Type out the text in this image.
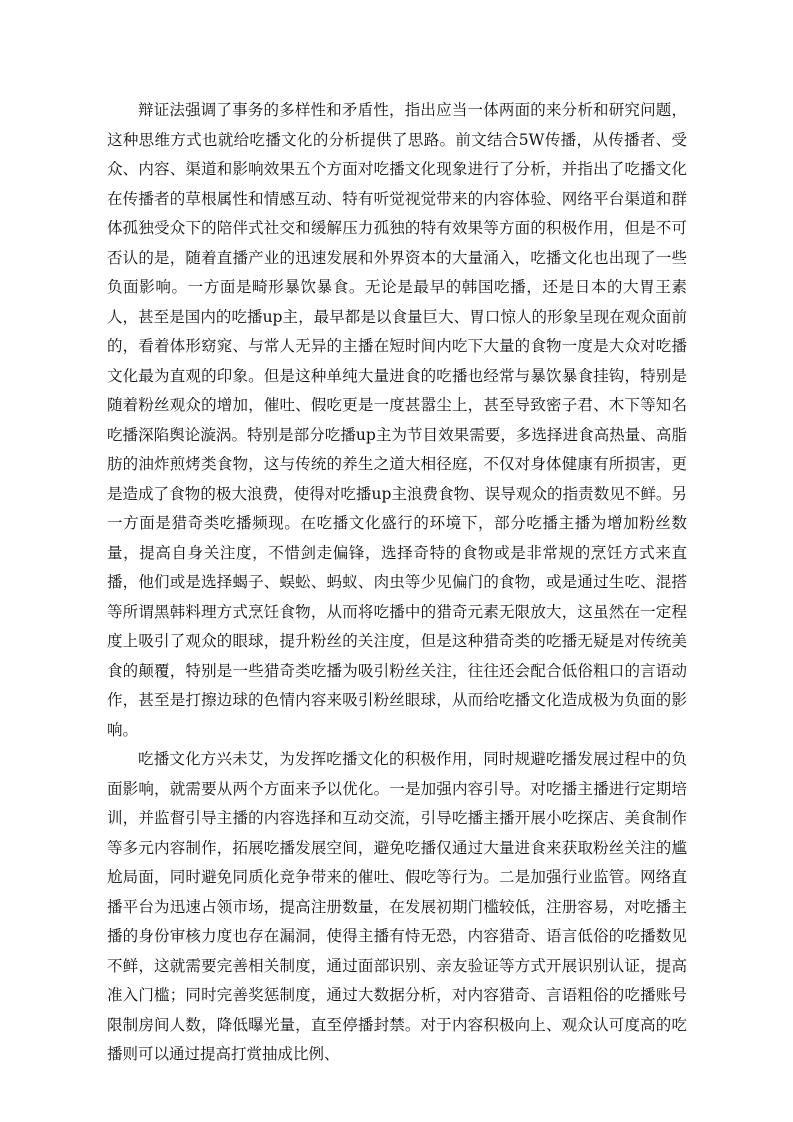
辩证法强调了事务的多样性和矛盾性，指出应当一体两面的来分析和研究问题，这种思维方式也就给吃播文化的分析提供了思路。前文结合5W传播，从传播者、受众、内容、渠道和影响效果五个方面对吃播文化现象进行了分析，并指出了吃播文化在传播者的草根属性和情感互动、特有听觉视觉带来的内容体验、网络平台渠道和群体孤独受众下的陪伴式社交和缓解压力孤独的特有效果等方面的积极作用，但是不可否认的是，随着直播产业的迅速发展和外界资本的大量涌入，吃播文化也出现了一些负面影响。一方面是畸形暴饮暴食。无论是最早的韩国吃播，还是日本的大胃王素人，甚至是国内的吃播up主，最早都是以食量巨大、胃口惊人的形象呈现在观众面前的，看着体形窈窕、与常人无异的主播在短时间内吃下大量的食物一度是大众对吃播文化最为直观的印象。但是这种单纯大量进食的吃播也经常与暴饮暴食挂钩，特别是随着粉丝观众的增加，催吐、假吃更是一度甚嚣尘上，甚至导致密子君、木下等知名吃播深陷舆论漩涡。特别是部分吃播up主为节目效果需要，多选择进食高热量、高脂肪的油炸煎烤类食物，这与传统的养生之道大相径庭，不仅对身体健康有所损害，更是造成了食物的极大浪费，使得对吃播up主浪费食物、误导观众的指责数见不鲜。另一方面是猎奇类吃播频现。在吃播文化盛行的环境下，部分吃播主播为增加粉丝数量，提高自身关注度，不惜剑走偏锋，选择奇特的食物或是非常规的烹饪方式来直播，他们或是选择蝎子、蜈蚣、蚂蚁、肉虫等少见偏门的食物，或是通过生吃、混搭等所谓黑韩料理方式烹饪食物，从而将吃播中的猎奇元素无限放大，这虽然在一定程度上吸引了观众的眼球，提升粉丝的关注度，但是这种猎奇类的吃播无疑是对传统美食的颠覆，特别是一些猎奇类吃播为吸引粉丝关注，往往还会配合低俗粗口的言语动作，甚至是打擦边球的色情内容来吸引粉丝眼球，从而给吃播文化造成极为负面的影响。

吃播文化方兴未艾，为发挥吃播文化的积极作用，同时规避吃播发展过程中的负面影响，就需要从两个方面来予以优化。一是加强内容引导。对吃播主播进行定期培训，并监督引导主播的内容选择和互动交流，引导吃播主播开展小吃探店、美食制作等多元内容制作，拓展吃播发展空间，避免吃播仅通过大量进食来获取粉丝关注的尴尬局面，同时避免同质化竞争带来的催吐、假吃等行为。二是加强行业监管。网络直播平台为迅速占领市场，提高注册数量，在发展初期门槛较低，注册容易，对吃播主播的身份审核力度也存在漏洞，使得主播有恃无恐，内容猎奇、语言低俗的吃播数见不鲜，这就需要完善相关制度，通过面部识别、亲友验证等方式开展识别认证，提高准入门槛；同时完善奖惩制度，通过大数据分析，对内容猎奇、言语粗俗的吃播账号限制房间人数，降低曝光量，直至停播封禁。对于内容积极向上、观众认可度高的吃播则可以通过提高打赏抽成比例、
